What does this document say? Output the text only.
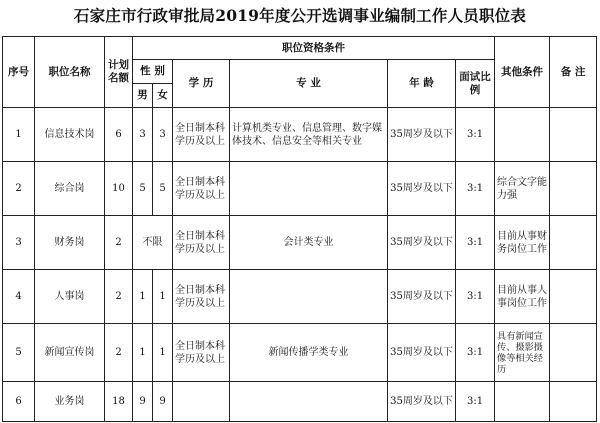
石家庄市行政审批局2019年度公开选调事业编制工作人员职位表
序号	职位名称	计划名额	职位资格条件						其他条件	备 注
			性 别		学 历	专 业	年 龄	面试比例		
			男	女						
1	信息技术岗	6	3	3	全日制本科学历及以上	计算机类专业、信息管理、数字媒体技术、信息安全等相关专业	35周岁及以下	3:1		
2	综合岗	10	5	5	全日制本科学历及以上		35周岁及以下	3:1	综合文字能力强	
3	财务岗	2	不限		全日制本科学历及以上	会计类专业	35周岁及以下	3:1	目前从事财务岗位工作	
4	人事岗	2	1	1	全日制本科学历及以上		35周岁及以下	3:1	目前从事人事岗位工作	
5	新闻宣传岗	2	1	1	全日制本科学历及以上	新闻传播学类专业	35周岁及以下	3:1	具有新闻宣传、摄影摄像等相关经历	
6	业务岗	18	9	9			35周岁及以下	3:1		
